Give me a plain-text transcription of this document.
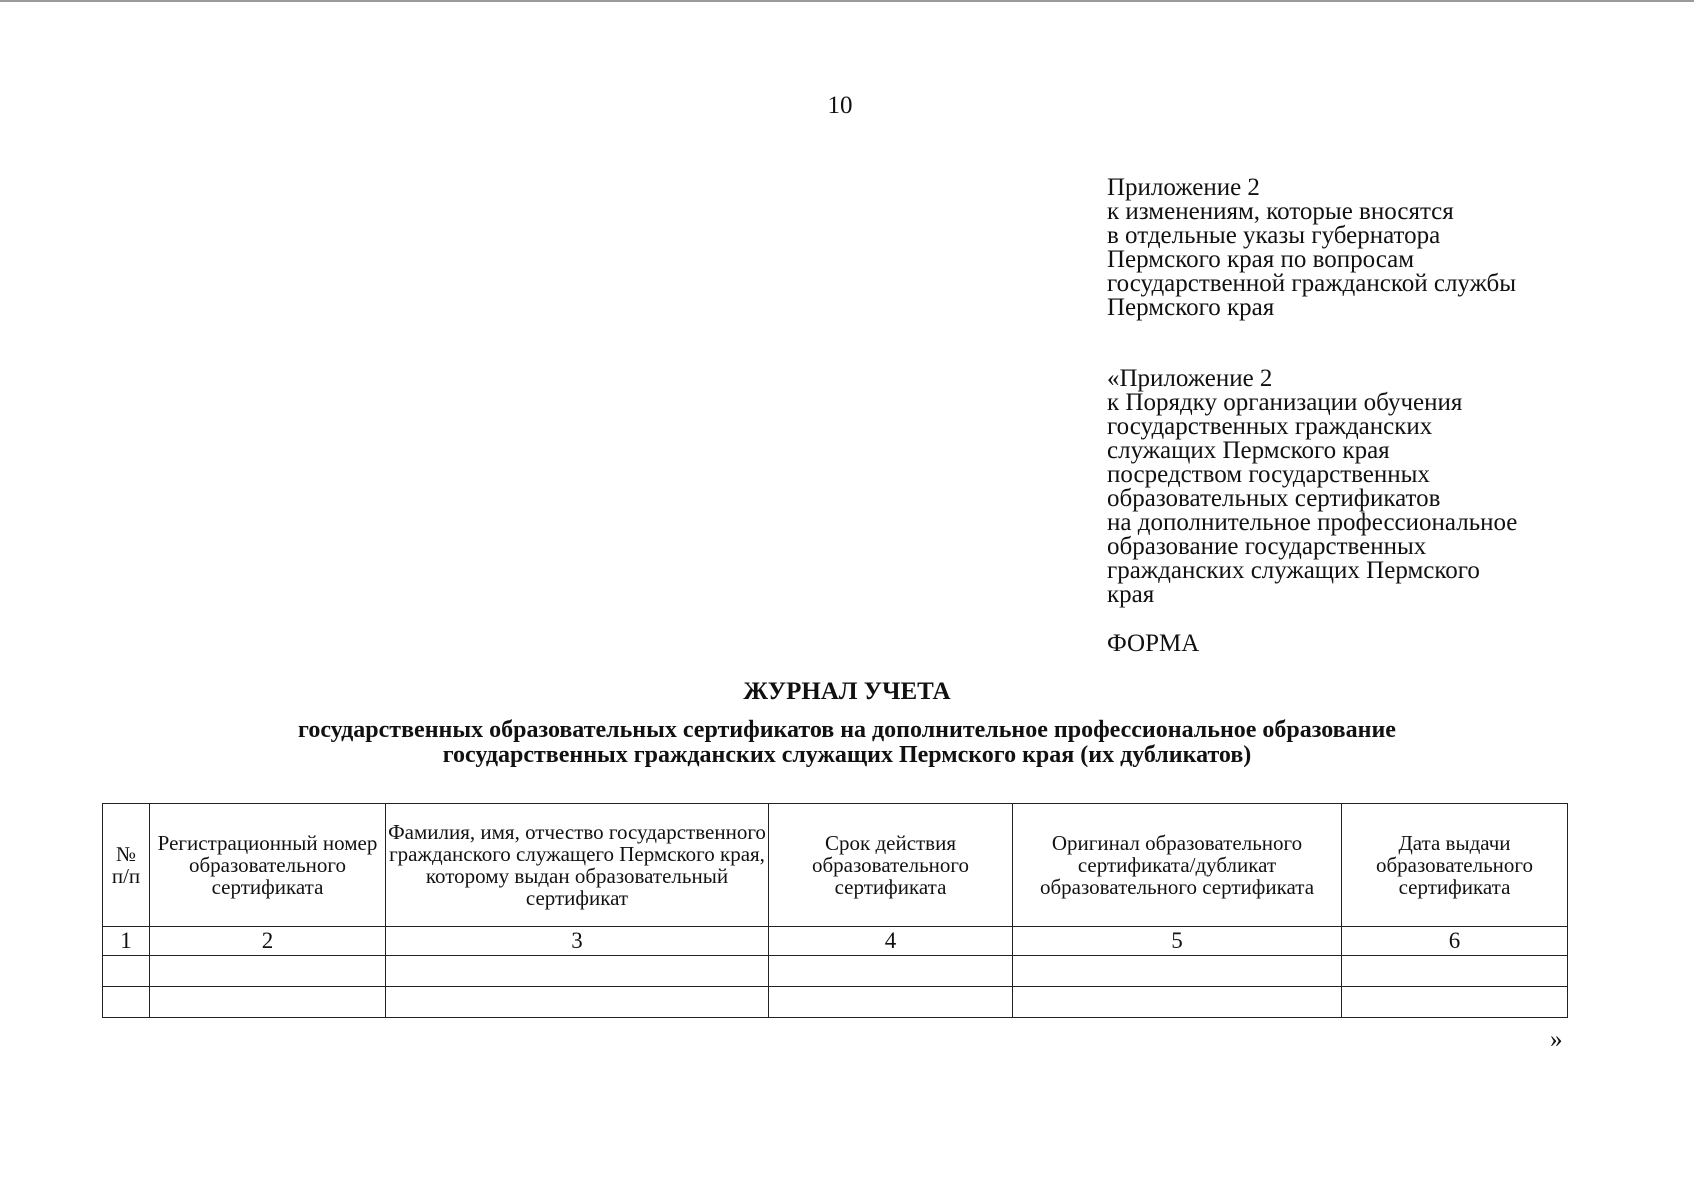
10
Приложение 2
к изменениям, которые вносятся
в отдельные указы губернатора
Пермского края по вопросам
государственной гражданской службы
Пермского края
«Приложение 2
к Порядку организации обучения
государственных гражданских
служащих Пермского края
посредством государственных
образовательных сертификатов
на дополнительное профессиональное
образование государственных
гражданских служащих Пермского
края
ФОРМА
ЖУРНАЛ УЧЕТА
государственных образовательных сертификатов на дополнительное профессиональное образование
государственных гражданских служащих Пермского края (их дубликатов)
№ п/п	Регистрационный номер образовательного сертификата	Фамилия, имя, отчество государственного гражданского служащего Пермского края, которому выдан образовательный сертификат	Срок действия образовательного сертификата	Оригинал образовательного сертификата/дубликат образовательного сертификата	Дата выдачи образовательного сертификата
1	2	3	4	5	6

»
